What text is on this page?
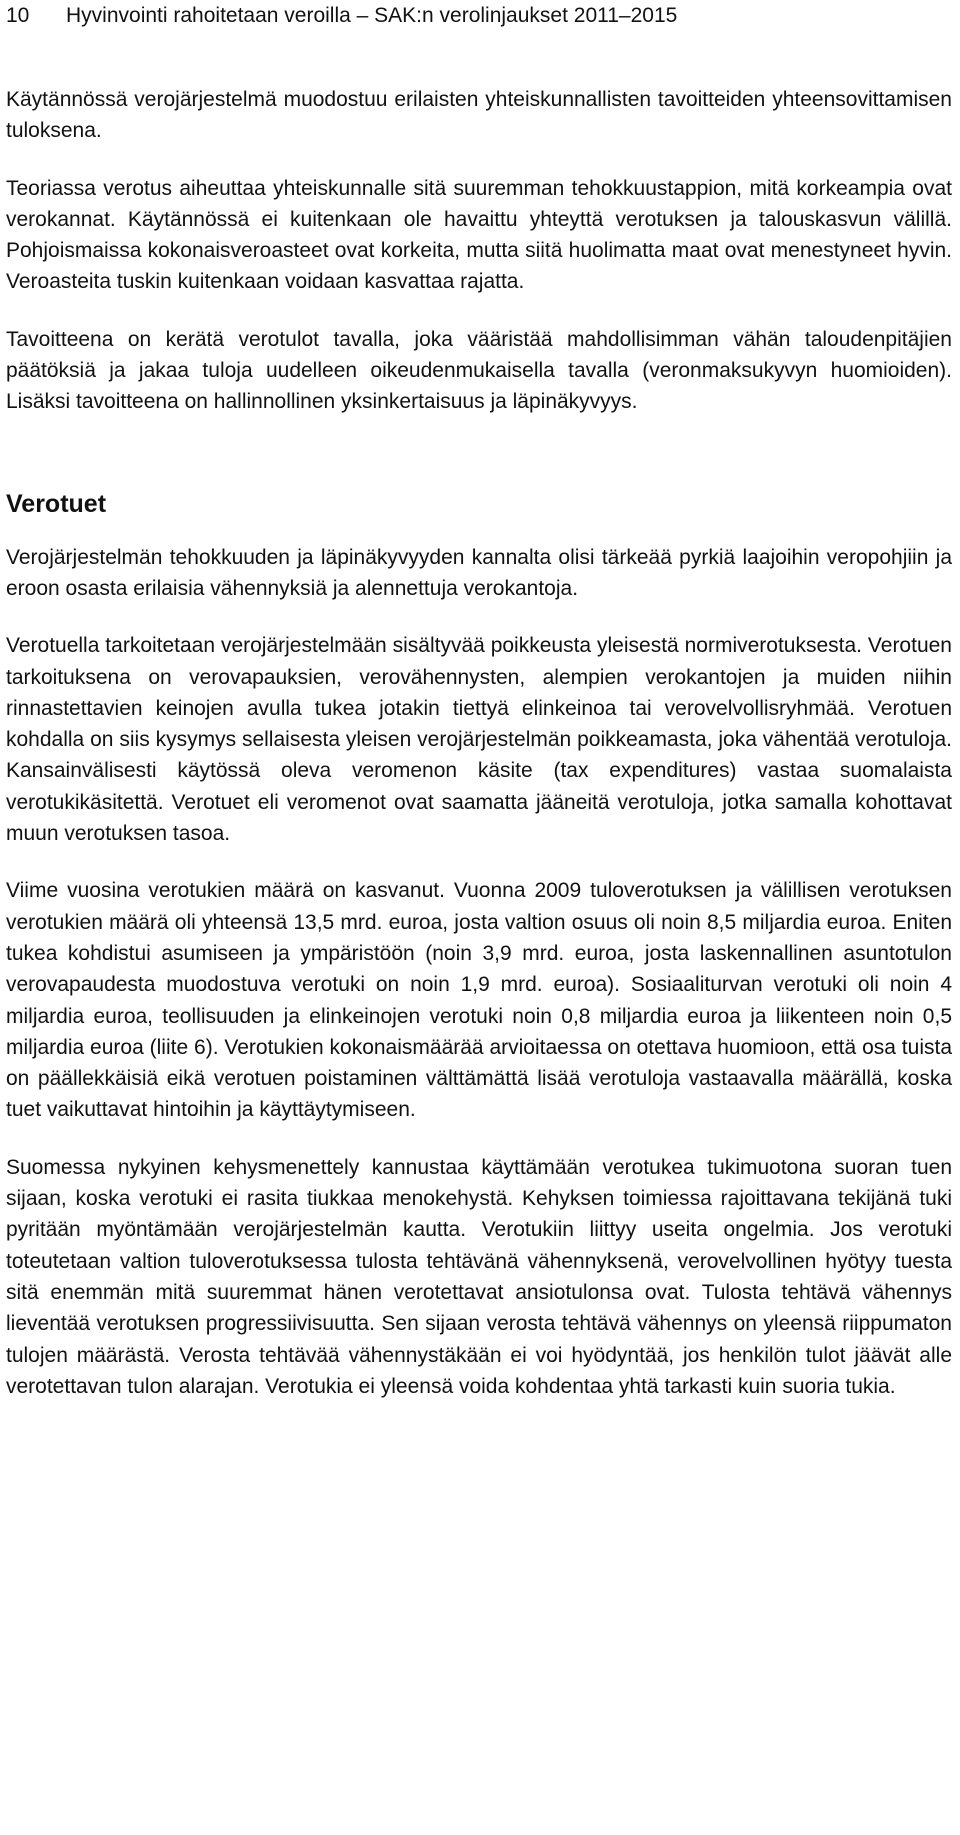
10 Hyvinvointi rahoitetaan veroilla – SAK:n verolinjaukset 2011–2015

Käytännössä verojärjestelmä muodostuu erilaisten yhteiskunnallisten tavoitteiden yhteensovittamisen tuloksena.

Teoriassa verotus aiheuttaa yhteiskunnalle sitä suuremman tehokkuustappion, mitä korkeampia ovat verokannat. Käytännössä ei kuitenkaan ole havaittu yhteyttä verotuksen ja talouskasvun välillä. Pohjoismaissa kokonaisveroasteet ovat korkeita, mutta siitä huolimatta maat ovat menestyneet hyvin. Veroasteita tuskin kuitenkaan voidaan kasvattaa rajatta.

Tavoitteena on kerätä verotulot tavalla, joka vääristää mahdollisimman vähän taloudenpitäjien päätöksiä ja jakaa tuloja uudelleen oikeudenmukaisella tavalla (veronmaksukyvyn huomioiden). Lisäksi tavoitteena on hallinnollinen yksinkertaisuus ja läpinäkyvyys.

Verotuet

Verojärjestelmän tehokkuuden ja läpinäkyvyyden kannalta olisi tärkeää pyrkiä laajoihin veropohjiin ja eroon osasta erilaisia vähennyksiä ja alennettuja verokantoja.

Verotuella tarkoitetaan verojärjestelmään sisältyvää poikkeusta yleisestä normiverotuksesta. Verotuen tarkoituksena on verovapauksien, verovähennysten, alempien verokantojen ja muiden niihin rinnastettavien keinojen avulla tukea jotakin tiettyä elinkeinoa tai verovelvollisryhmää. Verotuen kohdalla on siis kysymys sellaisesta yleisen verojärjestelmän poikkeamasta, joka vähentää verotuloja. Kansainvälisesti käytössä oleva veromenon käsite (tax expenditures) vastaa suomalaista verotukikäsitettä. Verotuet eli veromenot ovat saamatta jääneitä verotuloja, jotka samalla kohottavat muun verotuksen tasoa.

Viime vuosina verotukien määrä on kasvanut. Vuonna 2009 tuloverotuksen ja välillisen verotuksen verotukien määrä oli yhteensä 13,5 mrd. euroa, josta valtion osuus oli noin 8,5 miljardia euroa. Eniten tukea kohdistui asumiseen ja ympäristöön (noin 3,9 mrd. euroa, josta laskennallinen asuntotulon verovapaudesta muodostuva verotuki on noin 1,9 mrd. euroa). Sosiaaliturvan verotuki oli noin 4 miljardia euroa, teollisuuden ja elinkeinojen verotuki noin 0,8 miljardia euroa ja liikenteen noin 0,5 miljardia euroa (liite 6). Verotukien kokonaismäärää arvioitaessa on otettava huomioon, että osa tuista on päällekkäisiä eikä verotuen poistaminen välttämättä lisää verotuloja vastaavalla määrällä, koska tuet vaikuttavat hintoihin ja käyttäytymiseen.

Suomessa nykyinen kehysmenettely kannustaa käyttämään verotukea tukimuotona suoran tuen sijaan, koska verotuki ei rasita tiukkaa menokehystä. Kehyksen toimiessa rajoittavana tekijänä tuki pyritään myöntämään verojärjestelmän kautta. Verotukiin liittyy useita ongelmia. Jos verotuki toteutetaan valtion tuloverotuksessa tulosta tehtävänä vähennyksenä, verovelvollinen hyötyy tuesta sitä enemmän mitä suuremmat hänen verotettavat ansiotulonsa ovat. Tulosta tehtävä vähennys lieventää verotuksen progressiivisuutta. Sen sijaan verosta tehtävä vähennys on yleensä riippumaton tulojen määrästä. Verosta tehtävää vähennystäkään ei voi hyödyntää, jos henkilön tulot jäävät alle verotettavan tulon alarajan. Verotukia ei yleensä voida kohdentaa yhtä tarkasti kuin suoria tukia.
